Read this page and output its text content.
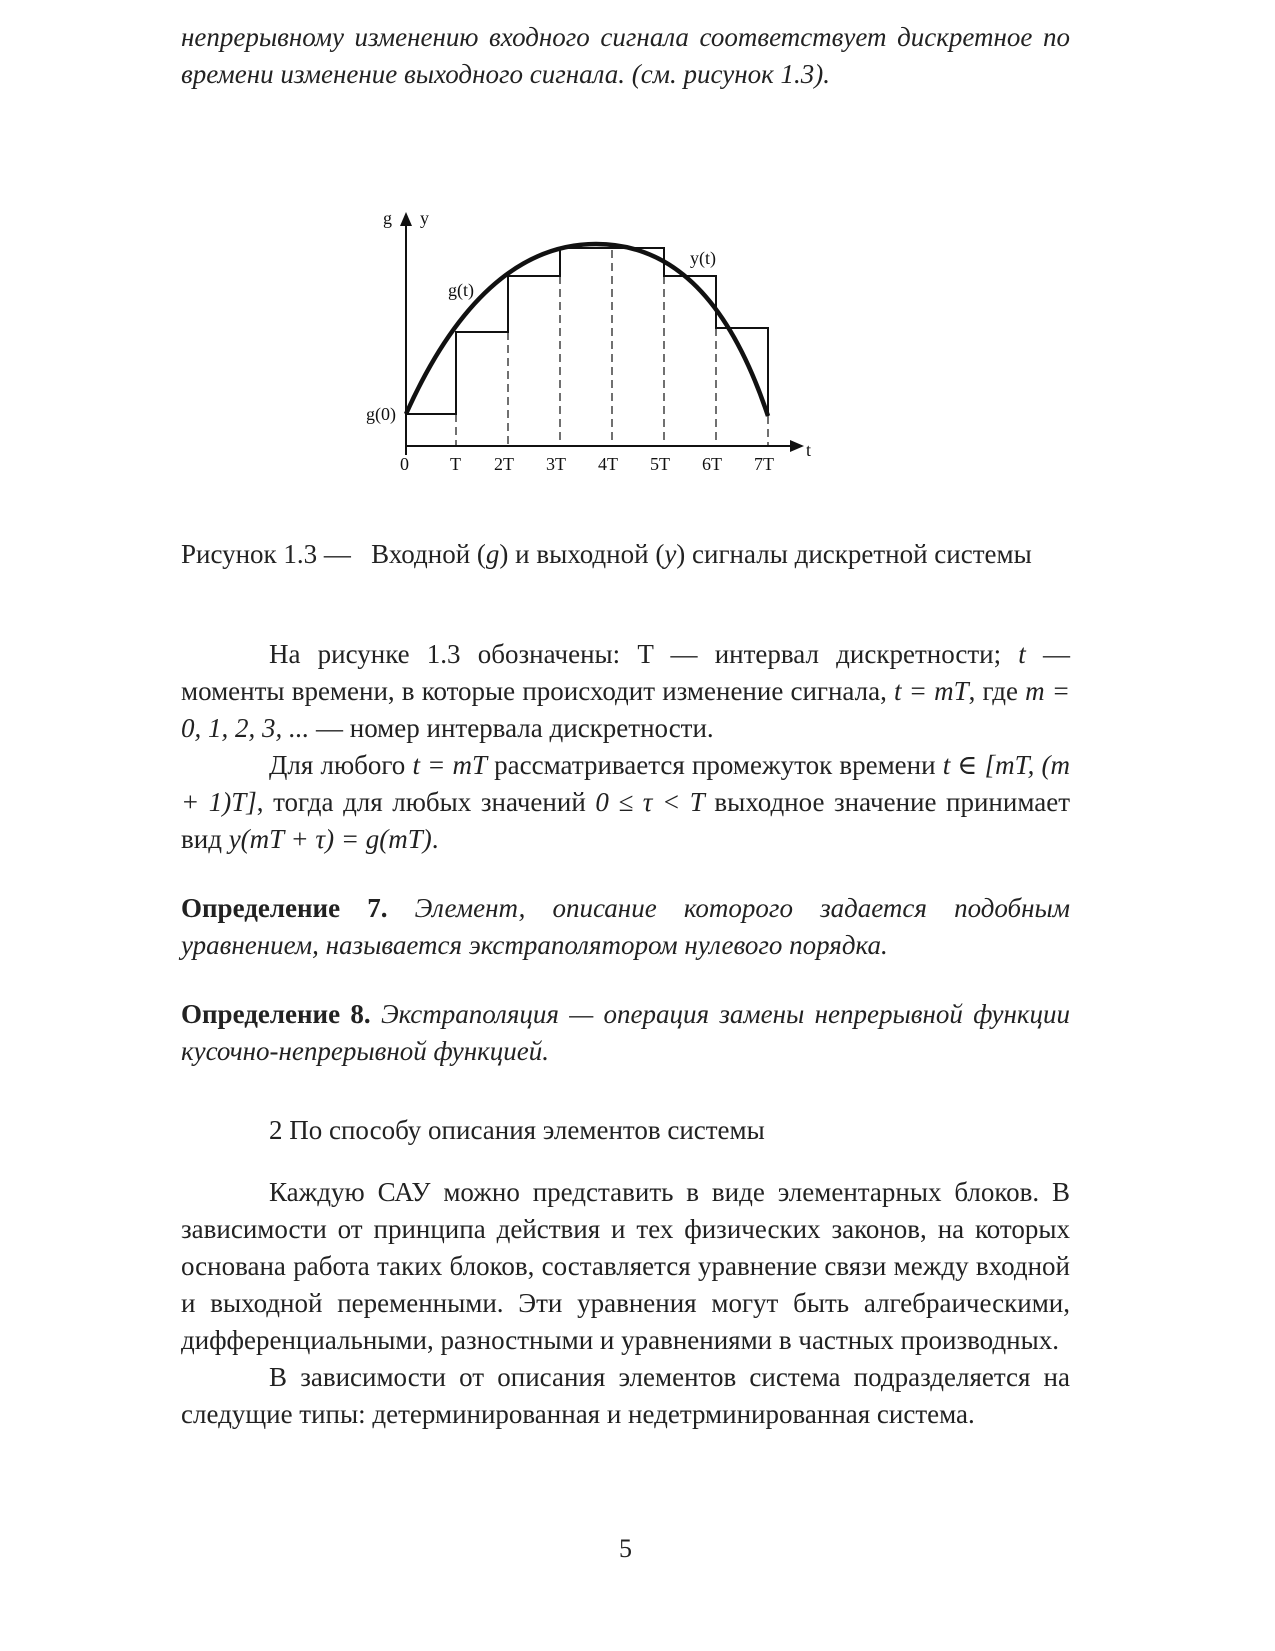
непрерывному изменению входного сигнала соответствует дискретное по времени изменение выходного сигнала. (см. рисунок 1.3).

g y
t
g(0)
g(t)
y(t)
0 T 2T 3T 4T 5T 6T 7T

Рисунок 1.3 — Входной (g) и выходной (y) сигналы дискретной системы

На рисунке 1.3 обозначены: T — интервал дискретности; t — моменты времени, в которые происходит изменение сигнала, t = mT, где m = 0, 1, 2, 3, ... — номер интервала дискретности.

Для любого t = mT рассматривается промежуток времени t ∈ [mT, (m + 1)T], тогда для любых значений 0 ≤ τ < T выходное значение принимает вид y(mT + τ) = g(mT).

Определение 7. Элемент, описание которого задается подобным уравнением, называется экстраполятором нулевого порядка.

Определение 8. Экстраполяция — операция замены непрерывной функции кусочно-непрерывной функцией.

2 По способу описания элементов системы

Каждую САУ можно представить в виде элементарных блоков. В зависимости от принципа действия и тех физических законов, на которых основана работа таких блоков, составляется уравнение связи между входной и выходной переменными. Эти уравнения могут быть алгебраическими, дифференциальными, разностными и уравнениями в частных производных.

В зависимости от описания элементов система подразделяется на следущие типы: детерминированная и недетрминированная система.

5
